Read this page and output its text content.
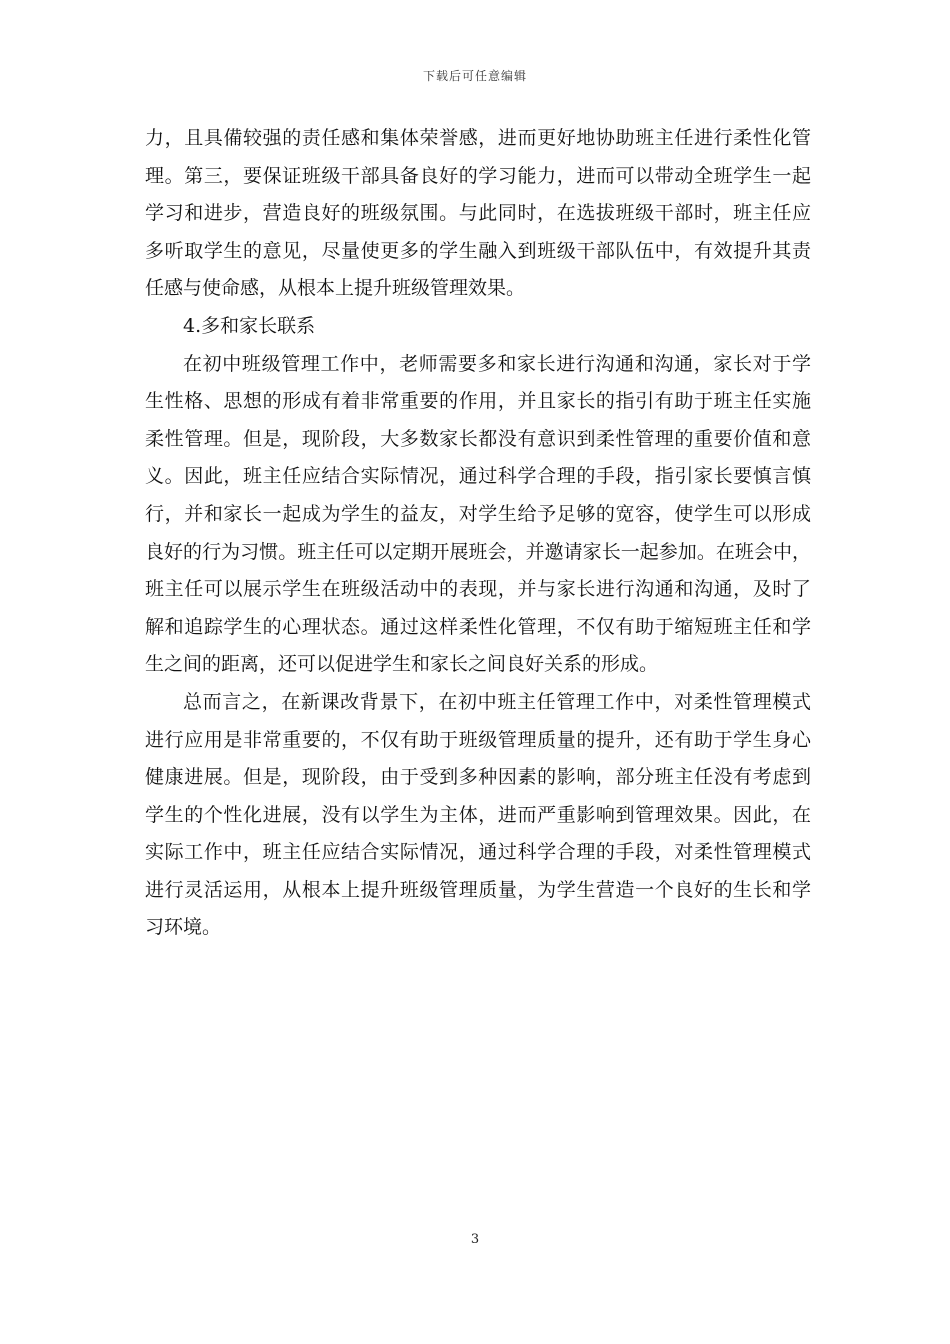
下载后可任意编辑
力，且具備较强的责任感和集体荣誉感，进而更好地协助班主任进行柔性化管
理。第三，要保证班级干部具备良好的学习能力，进而可以带动全班学生一起
学习和进步，营造良好的班级氛围。与此同时，在选拔班级干部时，班主任应
多听取学生的意见，尽量使更多的学生融入到班级干部队伍中，有效提升其责
任感与使命感，从根本上提升班级管理效果。
4.多和家长联系
在初中班级管理工作中，老师需要多和家长进行沟通和沟通，家长对于学
生性格、思想的形成有着非常重要的作用，并且家长的指引有助于班主任实施
柔性管理。但是，现阶段，大多数家长都没有意识到柔性管理的重要价值和意
义。因此，班主任应结合实际情况，通过科学合理的手段，指引家长要慎言慎
行，并和家长一起成为学生的益友，对学生给予足够的宽容，使学生可以形成
良好的行为习惯。班主任可以定期开展班会，并邀请家长一起参加。在班会中，
班主任可以展示学生在班级活动中的表现，并与家长进行沟通和沟通，及时了
解和追踪学生的心理状态。通过这样柔性化管理，不仅有助于缩短班主任和学
生之间的距离，还可以促进学生和家长之间良好关系的形成。
总而言之，在新课改背景下，在初中班主任管理工作中，对柔性管理模式
进行应用是非常重要的，不仅有助于班级管理质量的提升，还有助于学生身心
健康进展。但是，现阶段，由于受到多种因素的影响，部分班主任没有考虑到
学生的个性化进展，没有以学生为主体，进而严重影响到管理效果。因此，在
实际工作中，班主任应结合实际情况，通过科学合理的手段，对柔性管理模式
进行灵活运用，从根本上提升班级管理质量，为学生营造一个良好的生长和学
习环境。
3
